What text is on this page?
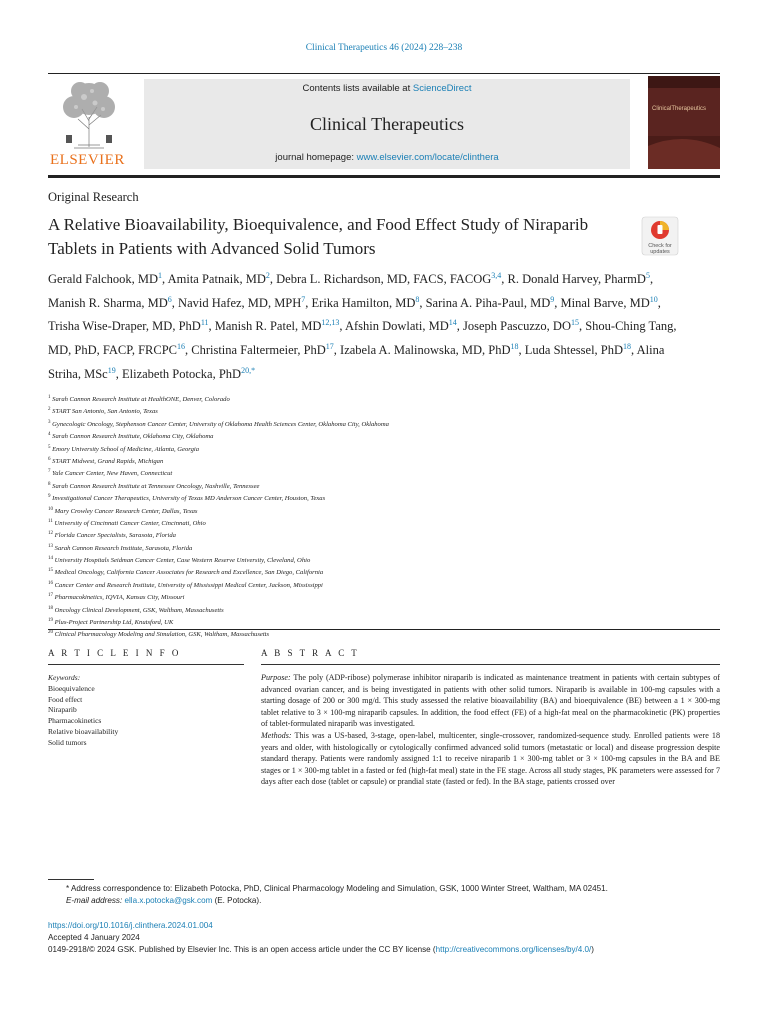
Clinical Therapeutics 46 (2024) 228–238
ELSEVIER
Contents lists available at ScienceDirect
Clinical Therapeutics
journal homepage: www.elsevier.com/locate/clinthera
ClinicalTherapeutics
Original Research
A Relative Bioavailability, Bioequivalence, and Food Effect Study of Niraparib Tablets in Patients with Advanced Solid Tumors	Check for updates
Gerald Falchook, $MD^1$, Amita Patnaik, $MD^2$, Debra L. Richardson, MD, FACS, FACOG$^{3,4}$, R. Donald Harvey, PharmD$^5$, Manish R. Sharma, $MD^6$, Navid Hafez, MD, MPH$^7$, Erika Hamilton, $MD^8$, Sarina A. Piha-Paul, $MD^9$, Minal Barve, MD$^{10}$, Trisha Wise-Draper, MD, PhD$^{11}$, Manish R. Patel, MD$^{12,13}$, Afshin Dowlati, MD$^{14}$, Joseph Pascuzzo, DO$^{15}$, Shou-Ching Tang, MD, PhD, FACP, FRCPC$^{16}$, Christina Faltermeier, PhD$^{17}$, Izabela A. Malinowska, MD, PhD$^{18}$, Luda Shtessel, PhD$^{18}$, Alina Striha, MSc$^{19}$, Elizabeth Potocka, PhD$^{20,*}$
$^1$ Sarah Cannon Research Institute at HealthONE, Denver, Colorado
$^2$ START San Antonio, San Antonio, Texas
$^3$ Gynecologic Oncology, Stephenson Cancer Center, University of Oklahoma Health Sciences Center, Oklahoma City, Oklahoma
$^4$ Sarah Cannon Research Institute, Oklahoma City, Oklahoma
$^5$ Emory University School of Medicine, Atlanta, Georgia
$^6$ START Midwest, Grand Rapids, Michigan
$^7$ Yale Cancer Center, New Haven, Connecticut
$^8$ Sarah Cannon Research Institute at Tennessee Oncology, Nashville, Tennessee
$^9$ Investigational Cancer Therapeutics, University of Texas MD Anderson Cancer Center, Houston, Texas
$^{10}$ Mary Crowley Cancer Research Center, Dallas, Texas
$^{11}$ University of Cincinnati Cancer Center, Cincinnati, Ohio
$^{12}$ Florida Cancer Specialists, Sarasota, Florida
$^{13}$ Sarah Cannon Research Institute, Sarasota, Florida
$^{14}$ University Hospitals Seidman Cancer Center, Case Western Reserve University, Cleveland, Ohio
$^{15}$ Medical Oncology, California Cancer Associates for Research and Excellence, San Diego, California
$^{16}$ Cancer Center and Research Institute, University of Mississippi Medical Center, Jackson, Mississippi
$^{17}$ Pharmacokinetics, IQVIA, Kansas City, Missouri
$^{18}$ Oncology Clinical Development, GSK, Waltham, Massachusetts
$^{19}$ Plus-Project Partnership Ltd, Knutsford, UK
$^{20}$ Clinical Pharmacology Modeling and Simulation, GSK, Waltham, Massachusetts
A R T I C L E I N F O
Keywords:
Bioequivalence
Food effect
Niraparib
Pharmacokinetics
Relative bioavailability
Solid tumors
A B S T R A C T
Purpose: The poly (ADP-ribose) polymerase inhibitor niraparib is indicated as maintenance treatment in patients with certain subtypes of advanced ovarian cancer, and is being investigated in patients with other solid tumors. Niraparib is available in 100-mg capsules with a starting dosage of 200 or 300 mg/d. This study assessed the relative bioavailability (BA) and bioequivalence (BE) between a 1 × 300-mg tablet relative to 3 × 100-mg niraparib capsules. In addition, the food effect (FE) of a high-fat meal on the pharmacokinetic (PK) properties of tablet-formulated niraparib was investigated.
Methods: This was a US-based, 3-stage, open-label, multicenter, single-crossover, randomized-sequence study. Enrolled patients were 18 years and older, with histologically or cytologically confirmed advanced solid tumors (metastatic or local) and disease progression despite standard therapy. Patients were randomly assigned 1:1 to receive niraparib 1 × 300-mg tablet or 3 × 100-mg capsules in the BA and BE stages or 1 × 300-mg tablet in a fasted or fed (high-fat meal) state in the FE stage. Across all study stages, PK parameters were assessed for 7 days after each dose (tablet or capsule) or prandial state (fasted or fed). In the BA stage, patients crossed over
* Address correspondence to: Elizabeth Potocka, PhD, Clinical Pharmacology Modeling and Simulation, GSK, 1000 Winter Street, Waltham, MA 02451.
E-mail address: ella.x.potocka@gsk.com (E. Potocka).
https://doi.org/10.1016/j.clinthera.2024.01.004
Accepted 4 January 2024
0149-2918/© 2024 GSK. Published by Elsevier Inc. This is an open access article under the CC BY license (http://creativecommons.org/licenses/by/4.0/)
